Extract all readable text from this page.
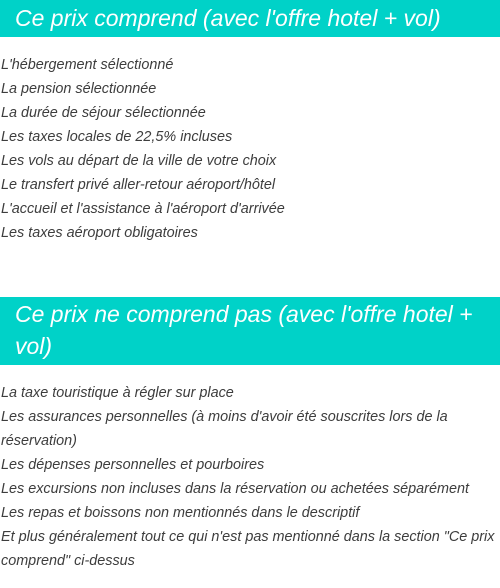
Ce prix comprend (avec l'offre hotel + vol)
L'hébergement sélectionné
La pension sélectionnée
La durée de séjour sélectionnée
Les taxes locales de 22,5% incluses
Les vols au départ de la ville de votre choix
Le transfert privé aller-retour aéroport/hôtel
L'accueil et l'assistance à l'aéroport d'arrivée
Les taxes aéroport obligatoires
Ce prix ne comprend pas (avec l'offre hotel + vol)
La taxe touristique à régler sur place
Les assurances personnelles (à moins d'avoir été souscrites lors de la réservation)
Les dépenses personnelles et pourboires
Les excursions non incluses dans la réservation ou achetées séparément
Les repas et boissons non mentionnés dans le descriptif
Et plus généralement tout ce qui n'est pas mentionné dans la section "Ce prix comprend" ci-dessus
